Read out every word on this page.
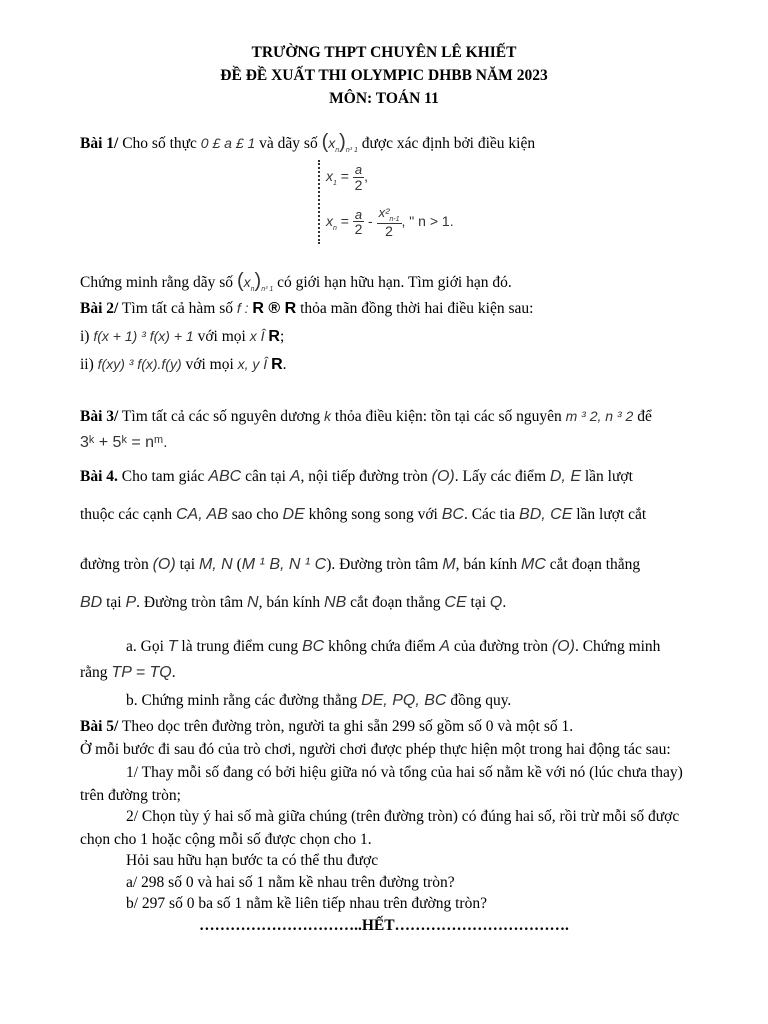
TRƯỜNG THPT CHUYÊN LÊ KHIẾT
ĐỀ ĐỀ XUẤT THI OLYMPIC DHBB NĂM 2023
MÔN: TOÁN 11
Bài 1/ Cho số thực 0 £ a £ 1 và dãy số $(x_n)_{n^3 1}$ được xác định bởi điều kiện
$x_1 = \frac{a}{2}$ ,
$x_n = \frac{a}{2} - \frac{x^2_{n-1}}{2}$ , " n > 1.
Chứng minh rằng dãy số $(x_n)_{n^3 1}$ có giới hạn hữu hạn. Tìm giới hạn đó.
Bài 2/ Tìm tất cả hàm số f : R ® R thỏa mãn đồng thời hai điều kiện sau:
i) f(x + 1) ³ f(x) + 1 với mọi x Î R;
ii) f(xy) ³ f(x).f(y) với mọi x, y Î R.
Bài 3/ Tìm tất cả các số nguyên dương k thỏa điều kiện: tồn tại các số nguyên m ³ 2, n ³ 2 để
3ᵏ + 5ᵏ = nᵐ.
Bài 4. Cho tam giác ABC cân tại A, nội tiếp đường tròn (O). Lấy các điểm D, E lần lượt
thuộc các cạnh CA, AB sao cho DE không song song với BC. Các tia BD, CE lần lượt cắt
đường tròn (O) tại M, N (M ¹ B, N ¹ C). Đường tròn tâm M, bán kính MC cắt đoạn thẳng
BD tại P. Đường tròn tâm N, bán kính NB cắt đoạn thẳng CE tại Q.
a. Gọi T là trung điểm cung BC không chứa điểm A của đường tròn (O). Chứng minh
rằng TP = TQ.
b. Chứng minh rằng các đường thẳng DE, PQ, BC đồng quy.
Bài 5/ Theo dọc trên đường tròn, người ta ghi sẵn 299 số gồm số 0 và một số 1.
Ở mỗi bước đi sau đó của trò chơi, người chơi được phép thực hiện một trong hai động tác sau:
1/ Thay mỗi số đang có bởi hiệu giữa nó và tổng của hai số nằm kề với nó (lúc chưa thay)
trên đường tròn;
2/ Chọn tùy ý hai số mà giữa chúng (trên đường tròn) có đúng hai số, rồi trừ mỗi số được
chọn cho 1 hoặc cộng mỗi số được chọn cho 1.
Hỏi sau hữu hạn bước ta có thể thu được
a/ 298 số 0 và hai số 1 nằm kề nhau trên đường tròn?
b/ 297 số 0 ba số 1 nằm kề liên tiếp nhau trên đường tròn?
…………………………..HẾT…………………………….
